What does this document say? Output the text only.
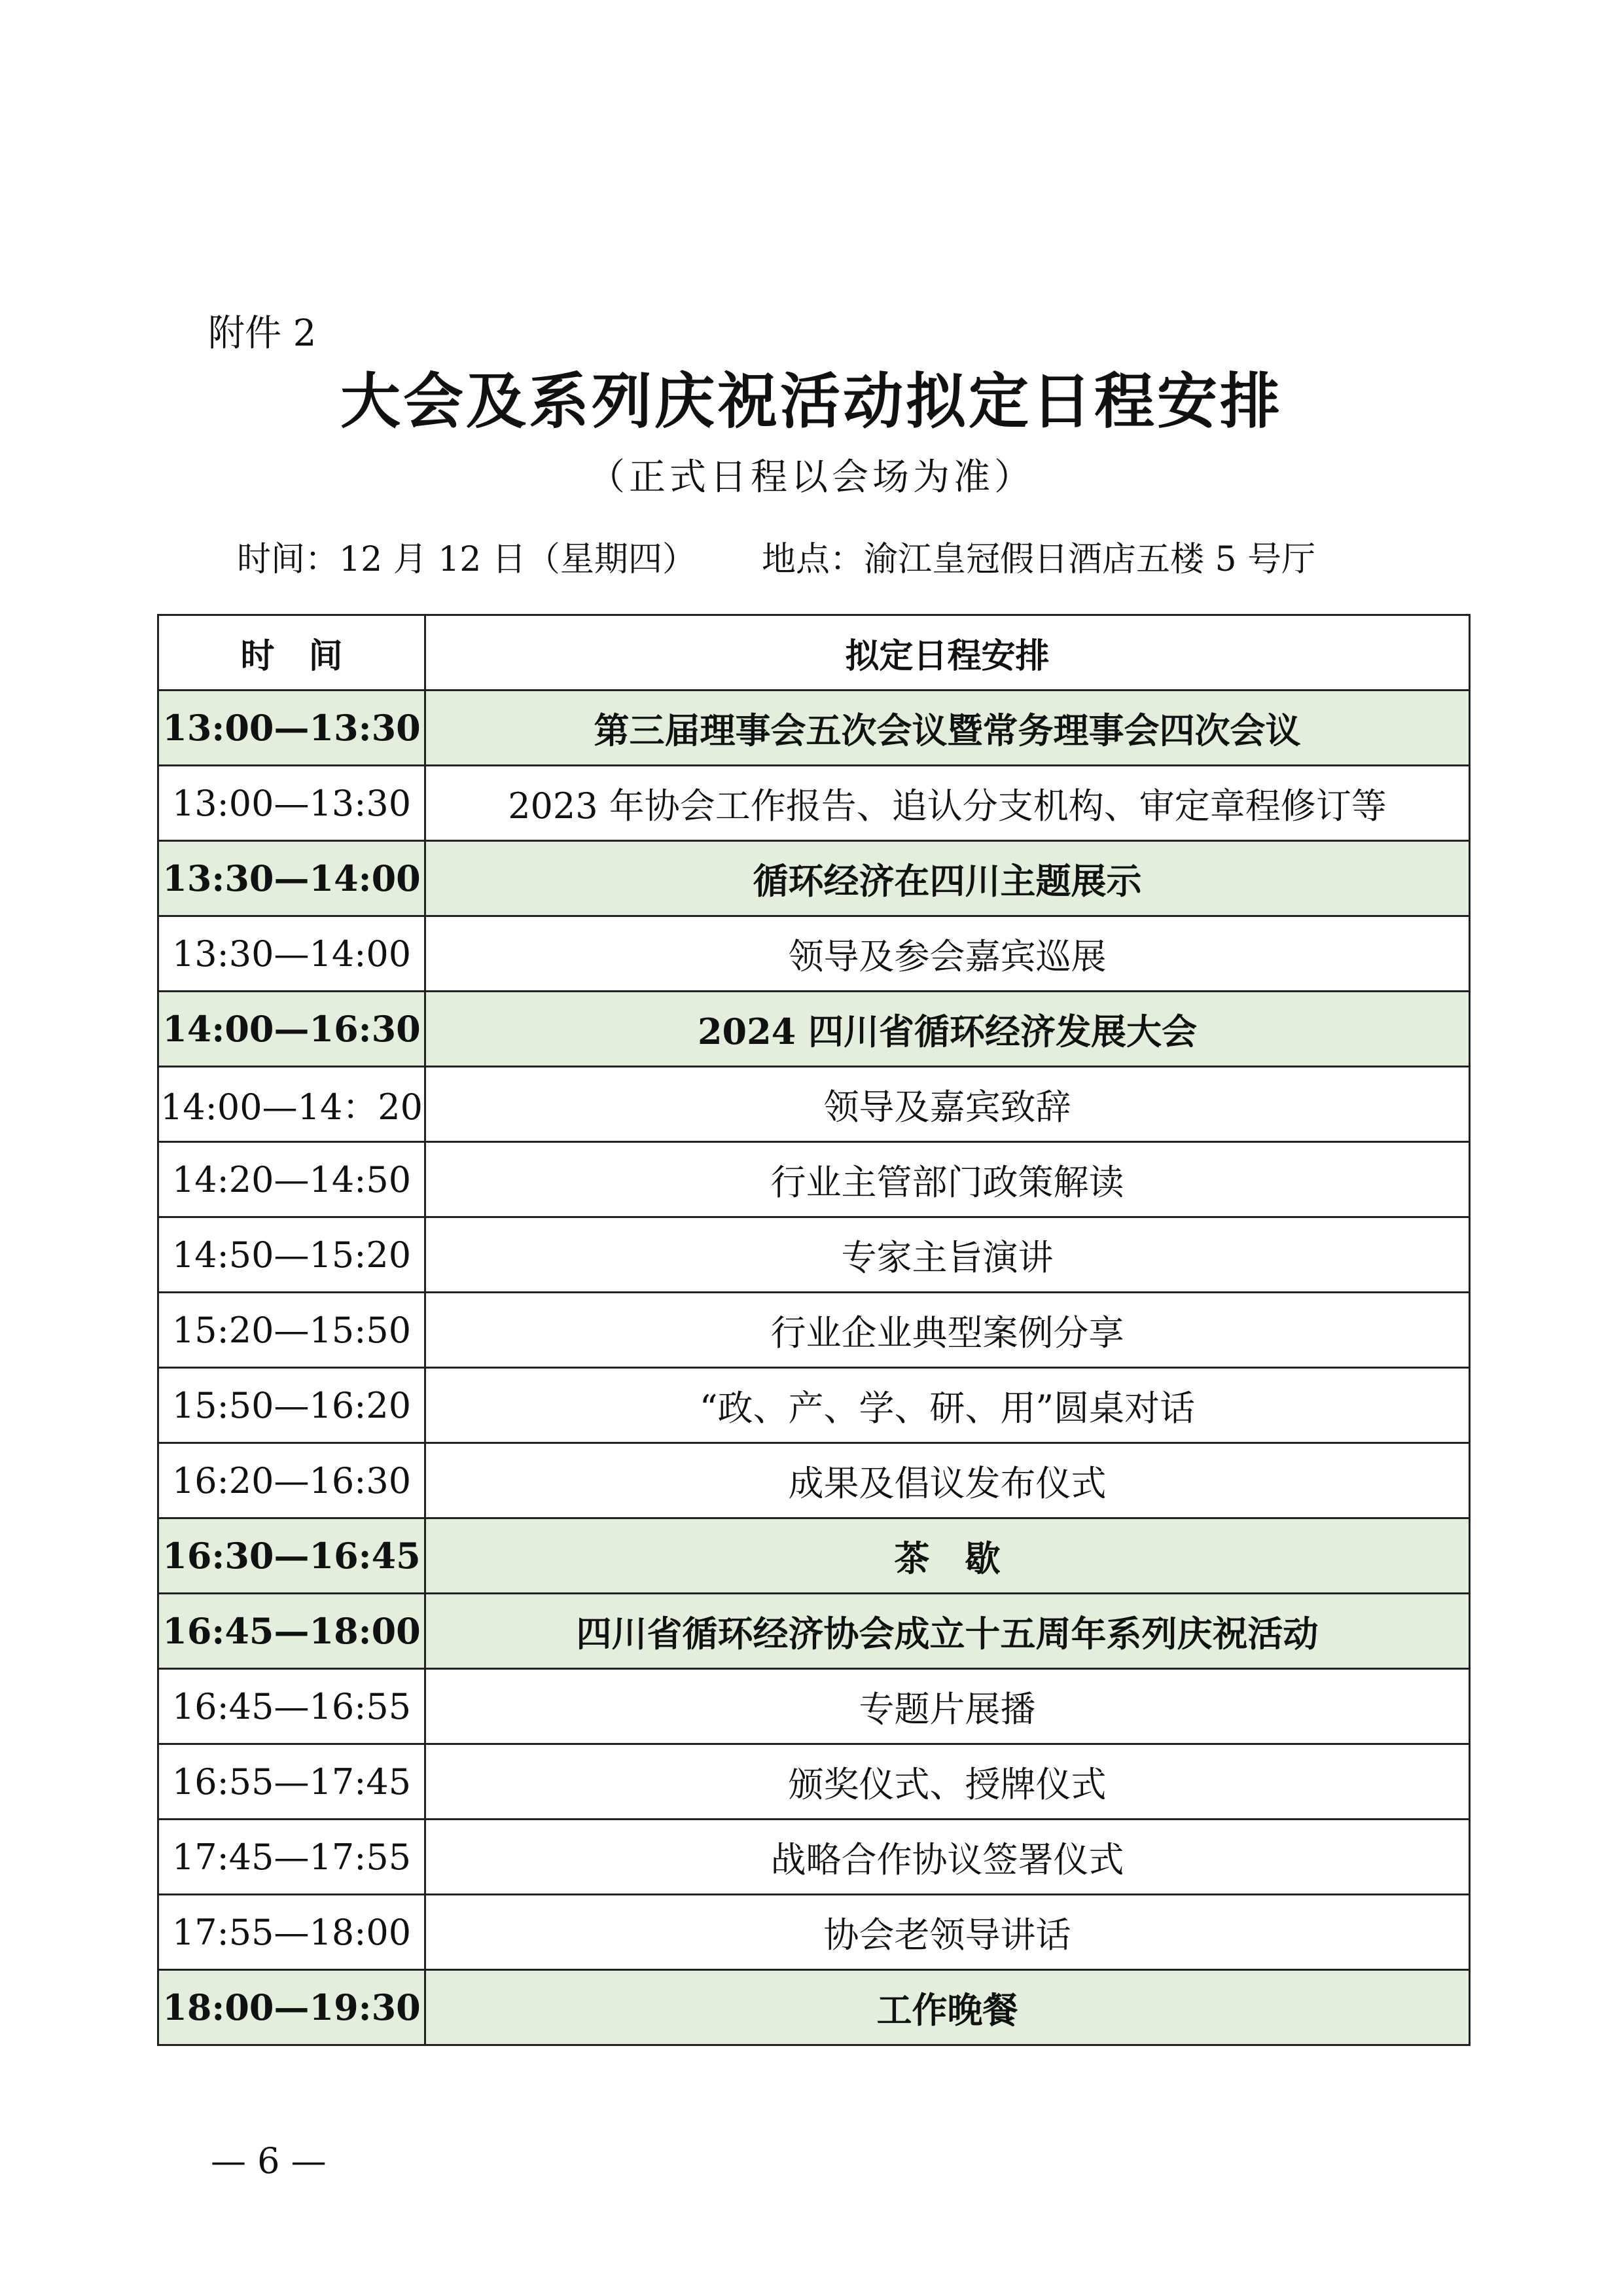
附件 2
大会及系列庆祝活动拟定日程安排
（正式日程以会场为准）
时间：12 月 12 日（星期四） 地点：渝江皇冠假日酒店五楼 5 号厅
时　间	拟定日程安排
13:00—13:30	第三届理事会五次会议暨常务理事会四次会议
13:00—13:30	2023 年协会工作报告、追认分支机构、审定章程修订等
13:30—14:00	循环经济在四川主题展示
13:30—14:00	领导及参会嘉宾巡展
14:00—16:30	2024 四川省循环经济发展大会
14:00—14：20	领导及嘉宾致辞
14:20—14:50	行业主管部门政策解读
14:50—15:20	专家主旨演讲
15:20—15:50	行业企业典型案例分享
15:50—16:20	“政、产、学、研、用”圆桌对话
16:20—16:30	成果及倡议发布仪式
16:30—16:45	茶　歇
16:45—18:00	四川省循环经济协会成立十五周年系列庆祝活动
16:45—16:55	专题片展播
16:55—17:45	颁奖仪式、授牌仪式
17:45—17:55	战略合作协议签署仪式
17:55—18:00	协会老领导讲话
18:00—19:30	工作晚餐
— 6 —
